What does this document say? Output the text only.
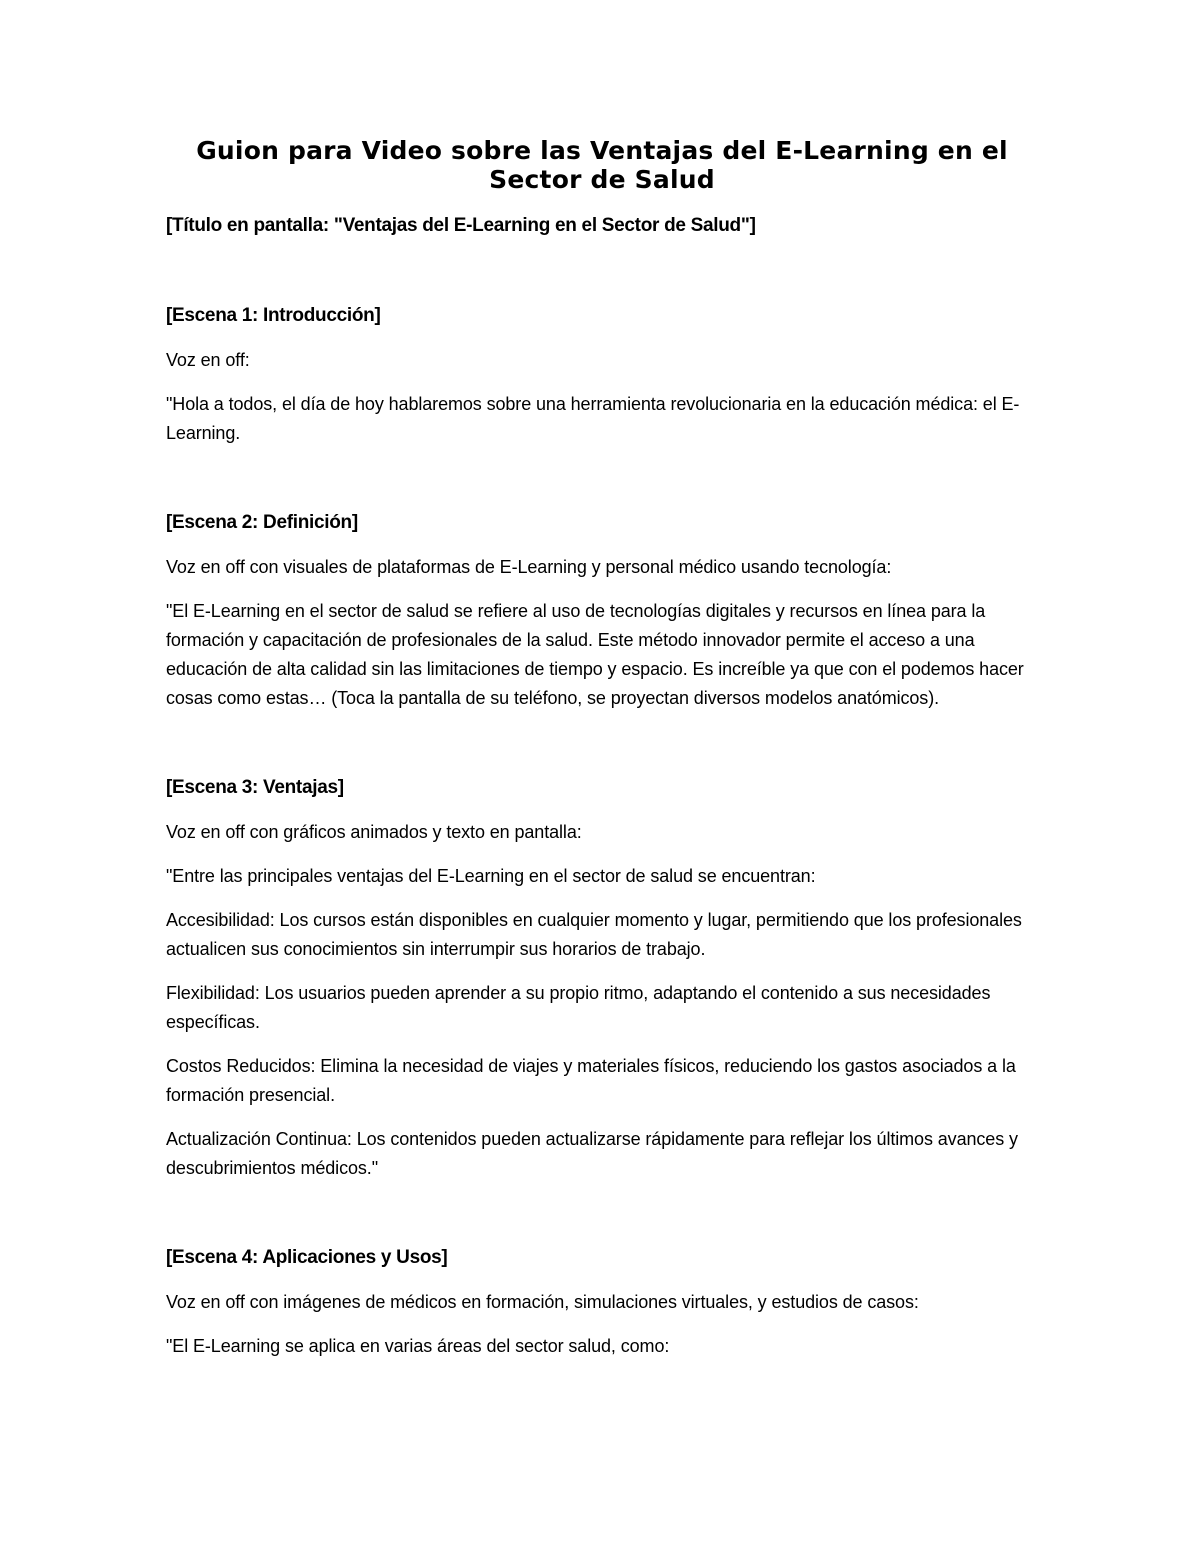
Guion para Video sobre las Ventajas del E-Learning en el Sector de Salud

[Título en pantalla: "Ventajas del E-Learning en el Sector de Salud"]

[Escena 1: Introducción]

Voz en off:

"Hola a todos, el día de hoy hablaremos sobre una herramienta revolucionaria en la educación médica: el E-Learning.

[Escena 2: Definición]

Voz en off con visuales de plataformas de E-Learning y personal médico usando tecnología:

"El E-Learning en el sector de salud se refiere al uso de tecnologías digitales y recursos en línea para la formación y capacitación de profesionales de la salud. Este método innovador permite el acceso a una educación de alta calidad sin las limitaciones de tiempo y espacio. Es increíble ya que con el podemos hacer cosas como estas… (Toca la pantalla de su teléfono, se proyectan diversos modelos anatómicos).

[Escena 3: Ventajas]

Voz en off con gráficos animados y texto en pantalla:

"Entre las principales ventajas del E-Learning en el sector de salud se encuentran:

Accesibilidad: Los cursos están disponibles en cualquier momento y lugar, permitiendo que los profesionales actualicen sus conocimientos sin interrumpir sus horarios de trabajo.

Flexibilidad: Los usuarios pueden aprender a su propio ritmo, adaptando el contenido a sus necesidades específicas.

Costos Reducidos: Elimina la necesidad de viajes y materiales físicos, reduciendo los gastos asociados a la formación presencial.

Actualización Continua: Los contenidos pueden actualizarse rápidamente para reflejar los últimos avances y descubrimientos médicos."

[Escena 4: Aplicaciones y Usos]

Voz en off con imágenes de médicos en formación, simulaciones virtuales, y estudios de casos:

"El E-Learning se aplica en varias áreas del sector salud, como:
